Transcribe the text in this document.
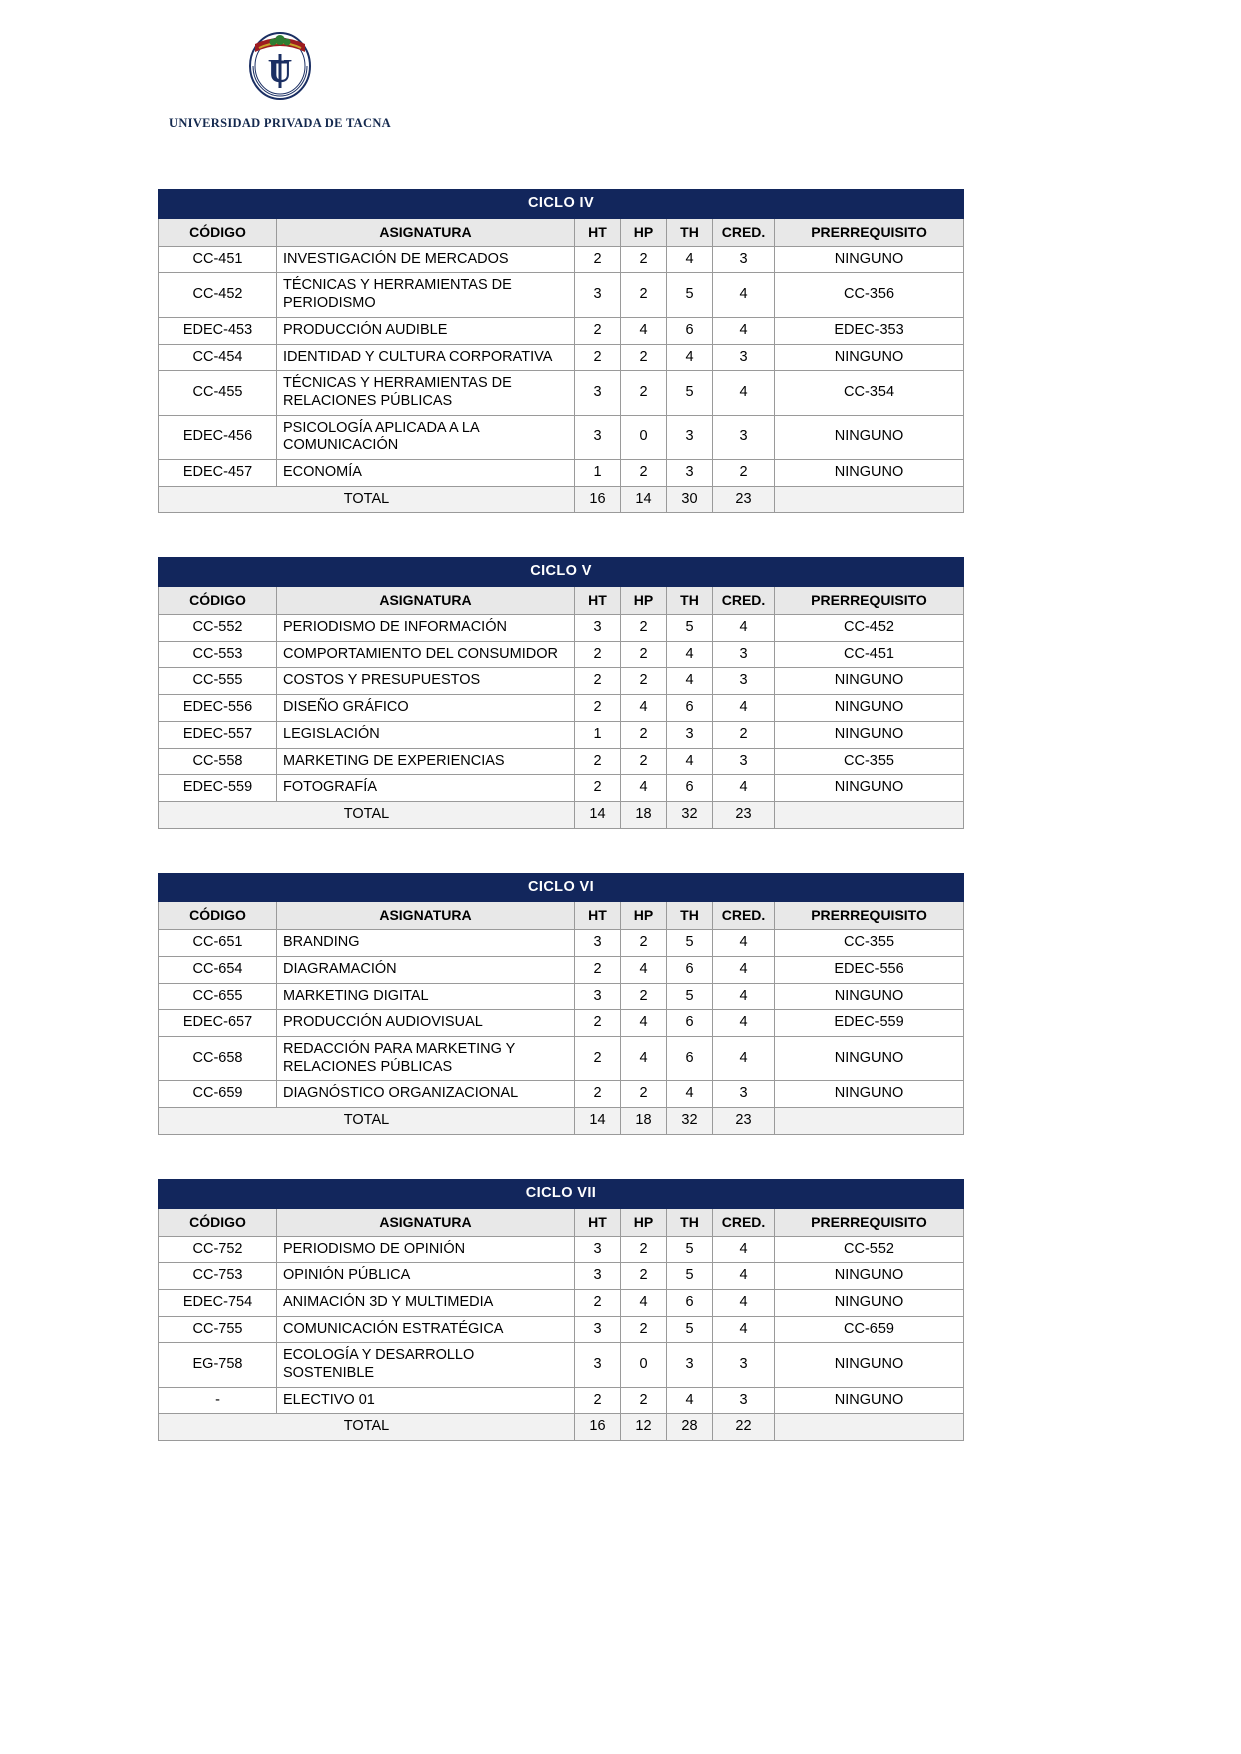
U
UNIVERSIDAD PRIVADA DE TACNA
CICLO IV						
CÓDIGO	ASIGNATURA	HT	HP	TH	CRED.	PRERREQUISITO
CC-451	INVESTIGACIÓN DE MERCADOS	2	2	4	3	NINGUNO
CC-452	TÉCNICAS Y HERRAMIENTAS DE PERIODISMO	3	2	5	4	CC-356
EDEC-453	PRODUCCIÓN AUDIBLE	2	4	6	4	EDEC-353
CC-454	IDENTIDAD Y CULTURA CORPORATIVA	2	2	4	3	NINGUNO
CC-455	TÉCNICAS Y HERRAMIENTAS DE RELACIONES PÚBLICAS	3	2	5	4	CC-354
EDEC-456	PSICOLOGÍA APLICADA A LA COMUNICACIÓN	3	0	3	3	NINGUNO
EDEC-457	ECONOMÍA	1	2	3	2	NINGUNO
TOTAL		16	14	30	23	
CICLO V						
CÓDIGO	ASIGNATURA	HT	HP	TH	CRED.	PRERREQUISITO
CC-552	PERIODISMO DE INFORMACIÓN	3	2	5	4	CC-452
CC-553	COMPORTAMIENTO DEL CONSUMIDOR	2	2	4	3	CC-451
CC-555	COSTOS Y PRESUPUESTOS	2	2	4	3	NINGUNO
EDEC-556	DISEÑO GRÁFICO	2	4	6	4	NINGUNO
EDEC-557	LEGISLACIÓN	1	2	3	2	NINGUNO
CC-558	MARKETING DE EXPERIENCIAS	2	2	4	3	CC-355
EDEC-559	FOTOGRAFÍA	2	4	6	4	NINGUNO
TOTAL		14	18	32	23	
CICLO VI						
CÓDIGO	ASIGNATURA	HT	HP	TH	CRED.	PRERREQUISITO
CC-651	BRANDING	3	2	5	4	CC-355
CC-654	DIAGRAMACIÓN	2	4	6	4	EDEC-556
CC-655	MARKETING DIGITAL	3	2	5	4	NINGUNO
EDEC-657	PRODUCCIÓN AUDIOVISUAL	2	4	6	4	EDEC-559
CC-658	REDACCIÓN PARA MARKETING Y RELACIONES PÚBLICAS	2	4	6	4	NINGUNO
CC-659	DIAGNÓSTICO ORGANIZACIONAL	2	2	4	3	NINGUNO
TOTAL		14	18	32	23	
CICLO VII						
CÓDIGO	ASIGNATURA	HT	HP	TH	CRED.	PRERREQUISITO
CC-752	PERIODISMO DE OPINIÓN	3	2	5	4	CC-552
CC-753	OPINIÓN PÚBLICA	3	2	5	4	NINGUNO
EDEC-754	ANIMACIÓN 3D Y MULTIMEDIA	2	4	6	4	NINGUNO
CC-755	COMUNICACIÓN ESTRATÉGICA	3	2	5	4	CC-659
EG-758	ECOLOGÍA Y DESARROLLO SOSTENIBLE	3	0	3	3	NINGUNO
-	ELECTIVO 01	2	2	4	3	NINGUNO
TOTAL		16	12	28	22	
